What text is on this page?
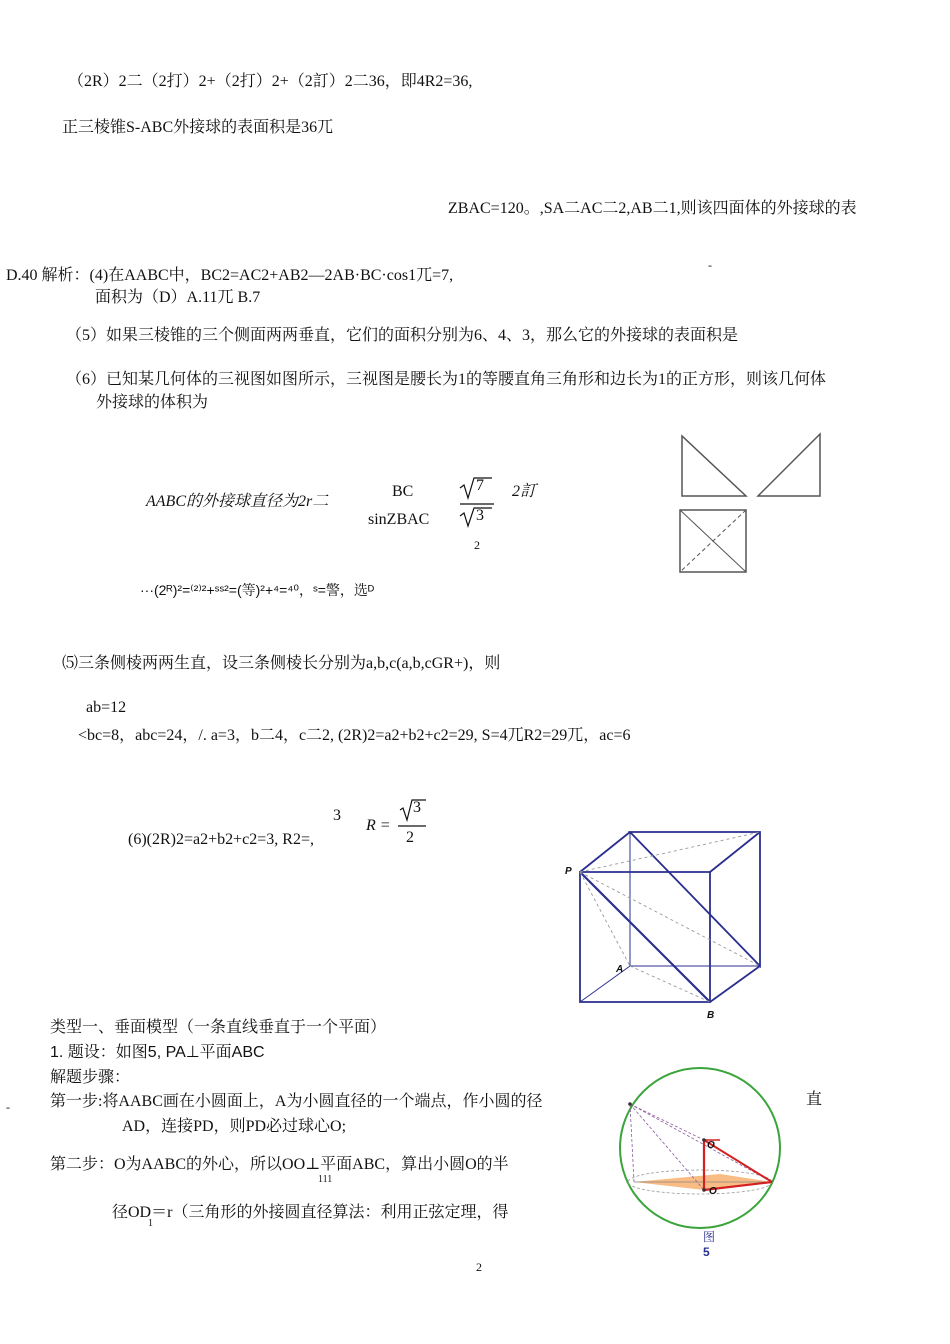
（2R）2二（2打）2+（2打）2+（2訂）2二36，即4R2=36,
正三棱锥S-ABC外接球的表面积是36兀
ZBAC=120。,SA二AC二2,AB二1,则该四面体的外接球的表
-
D.40 解析：(4)在AABC中，BC2=AC2+AB2—2AB·BC·cos1兀=7,
面积为（D）A.11兀 B.7
（5）如果三棱锥的三个侧面两两垂直，它们的面积分别为6、4、3，那么它的外接球的表面积是
（6）已知某几何体的三视图如图所示，三视图是腰长为1的等腰直角三角形和边长为1的正方形，则该几何体
外接球的体积为
AABC的外接球直径为2r二
BC
sinZBAC
7
3
2訂
2
···(2ᴿ)²=⁽²⁾²+ˢˢ²=(等)²+⁴=⁴⁰，ˢ=警，选ᴰ
⑸三条侧棱两两生直，设三条侧棱长分别为a,b,c(a,b,cGR+)，则
ab=12
<bc=8，abc=24，/. a=3，b二4，c二2, (2R)2=a2+b2+c2=29, S=4兀R2=29兀，ac=6
3
(6)(2R)2=a2+b2+c2=3, R2=,
R =
3
2
P
A
B
类型一、垂面模型（一条直线垂直于一个平面）
1. 题设：如图5, PA⊥平面ABC
解题步骤：
-	第一步:将AABC画在小圆面上，A为小圆直径的一个端点，作小圆的径	直
AD，连接PD，则PD必过球心O;
第二步：O为AABC的外心，所以OO⊥平面ABC，算出小圆O的半
111
径OD＝r（三角形的外接圆直径算法：利用正弦定理，得
1
O
O
图
5
2
